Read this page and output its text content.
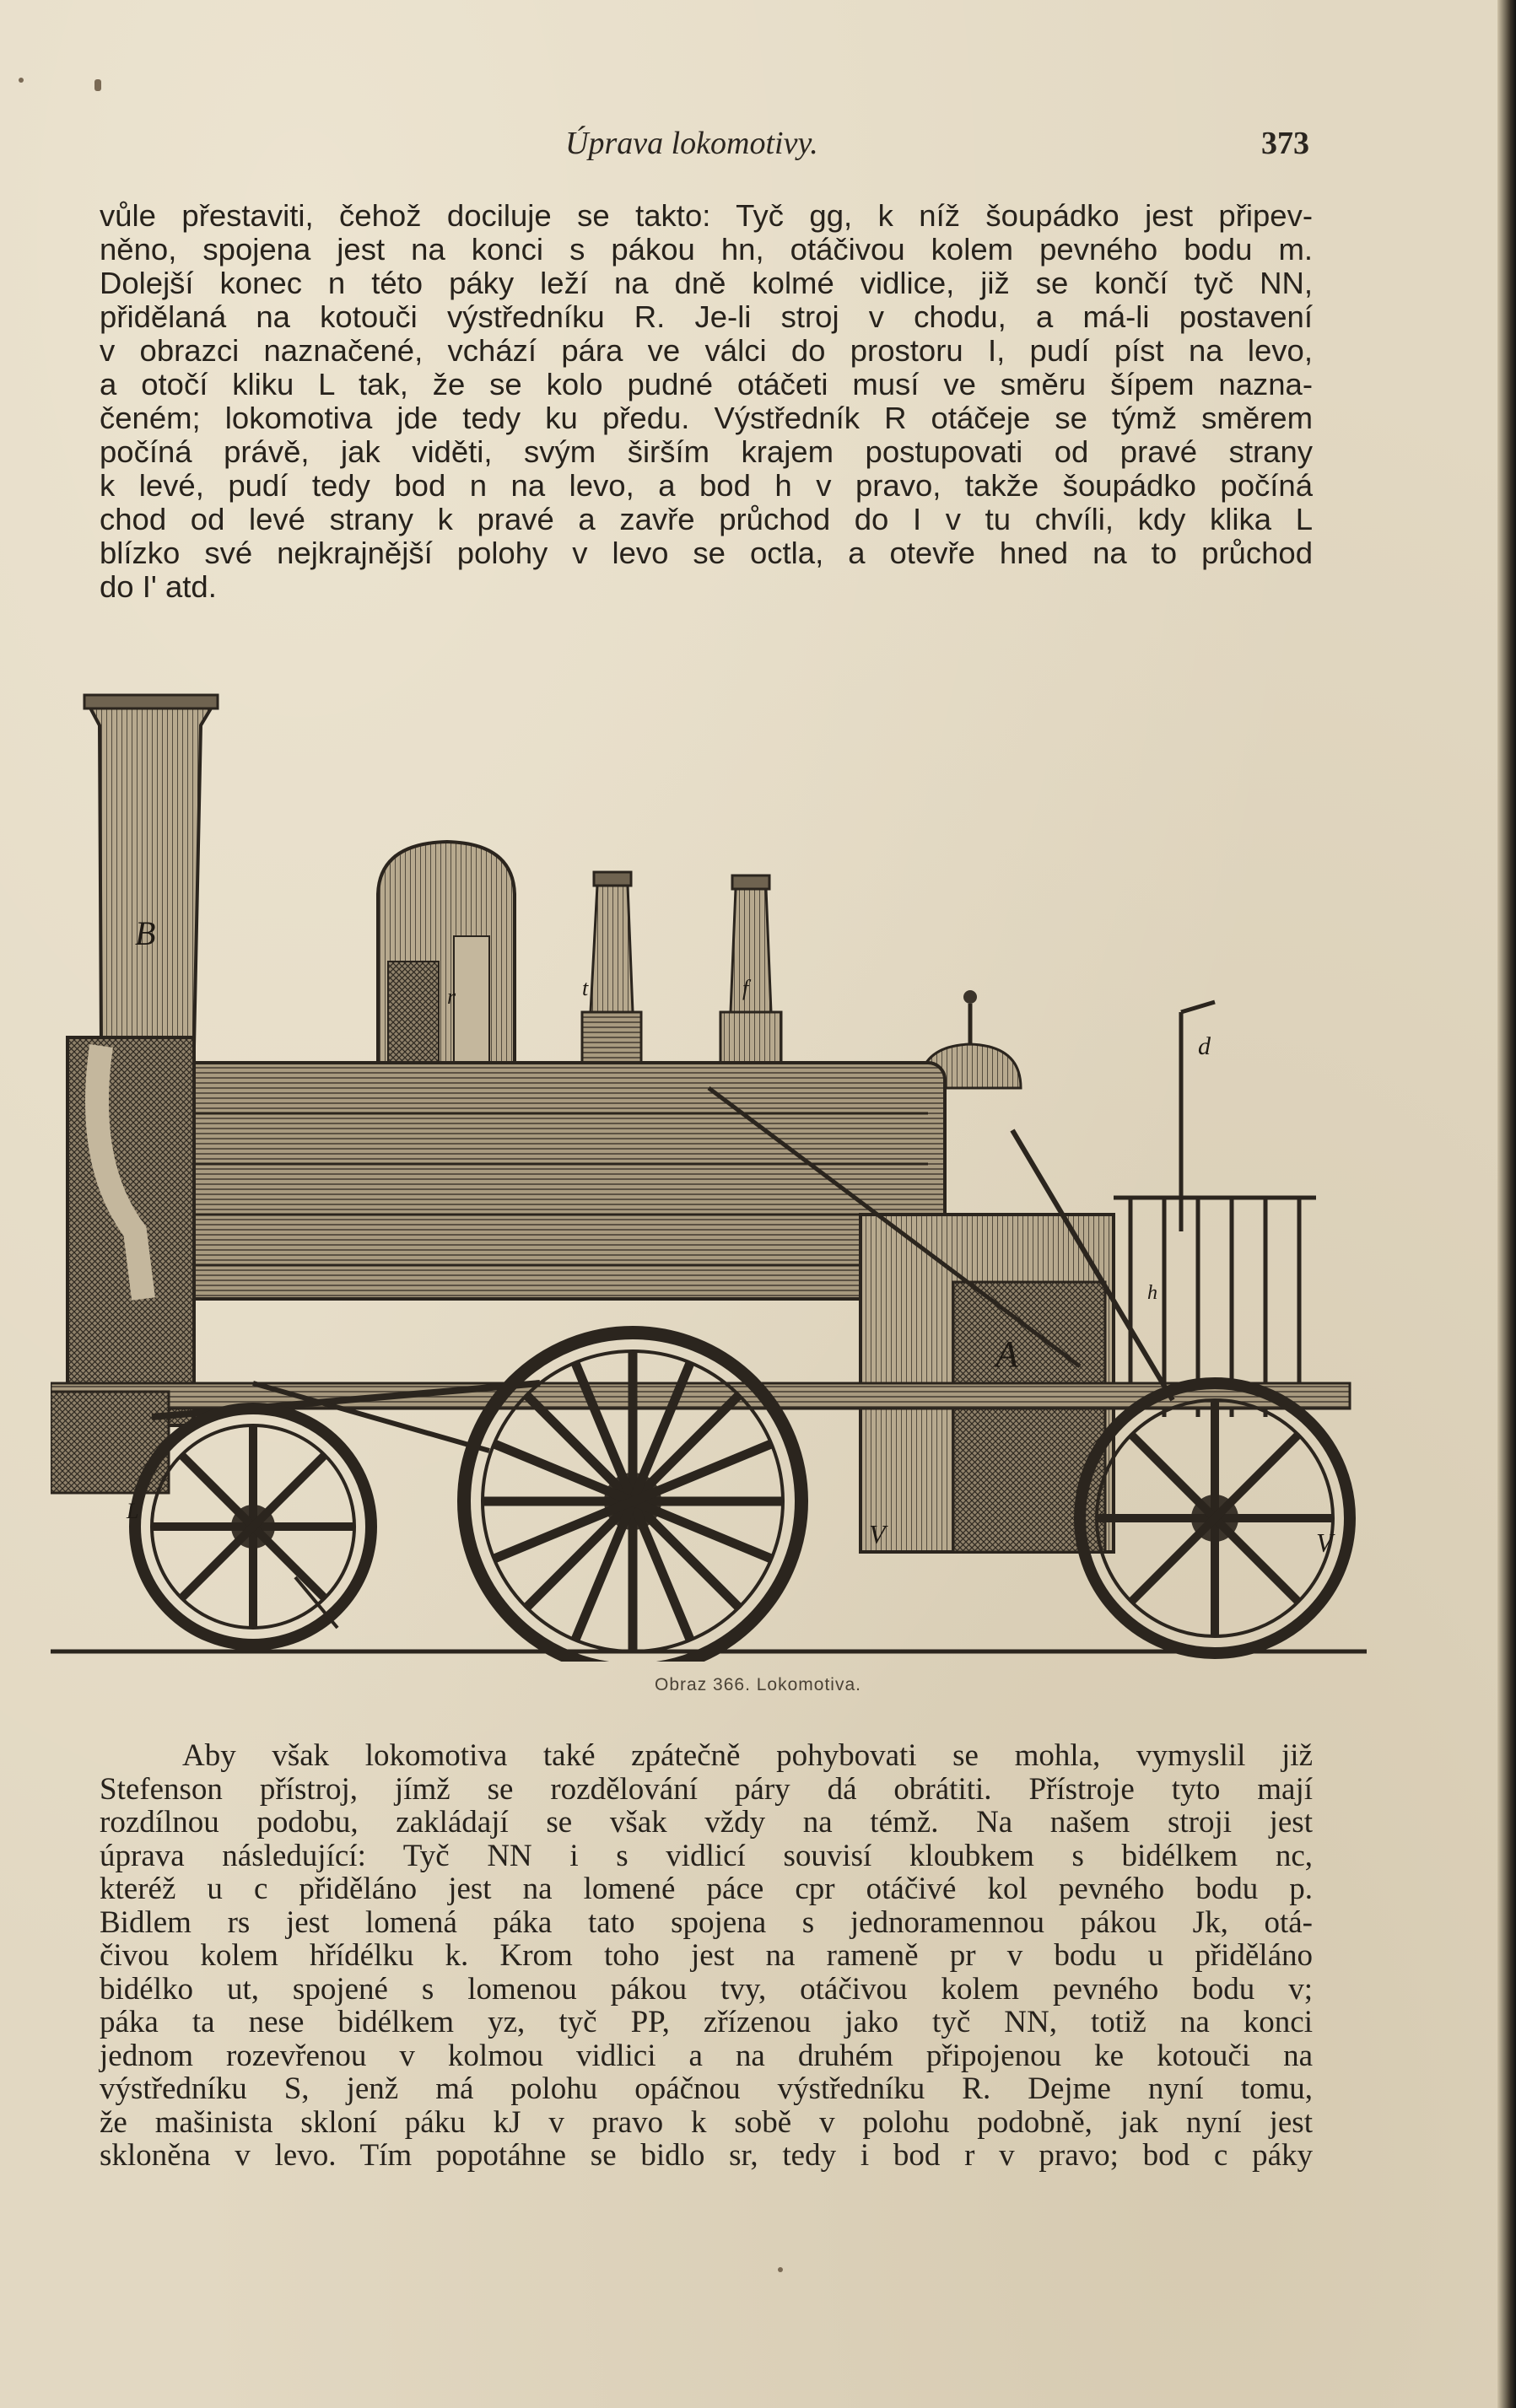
Úprava lokomotivy.	373
vůle přestaviti, čehož dociluje se takto: Tyč gg, k níž šoupádko jest připev-
něno, spojena jest na konci s pákou hn, otáčivou kolem pevného bodu m.
Dolejší konec n této páky leží na dně kolmé vidlice, již se končí tyč NN,
přidělaná na kotouči výstředníku R. Je-li stroj v chodu, a má-li postavení
v obrazci naznačené, vchází pára ve válci do prostoru I, pudí píst na levo,
a otočí kliku L tak, že se kolo pudné otáčeti musí ve směru šípem nazna-
čeném; lokomotiva jde tedy ku předu. Výstředník R otáčeje se týmž směrem
počíná právě, jak viděti, svým širším krajem postupovati od pravé strany
k levé, pudí tedy bod n na levo, a bod h v pravo, takže šoupádko počíná
chod od levé strany k pravé a zavře průchod do I v tu chvíli, kdy klika L
blízko své nejkrajnější polohy v levo se octla, a otevře hned na to průchod
do I' atd.
B
A
V	V
d
t	f
r
h
L
Obraz 366. Lokomotiva.
Aby však lokomotiva také zpátečně pohybovati se mohla, vymyslil již
Stefenson přístroj, jímž se rozdělování páry dá obrátiti. Přístroje tyto mají
rozdílnou podobu, zakládají se však vždy na témž. Na našem stroji jest
úprava následující: Tyč NN i s vidlicí souvisí kloubkem s bidélkem nc,
kteréž u c přiděláno jest na lomené páce cpr otáčivé kol pevného bodu p.
Bidlem rs jest lomená páka tato spojena s jednoramennou pákou Jk, otá-
čivou kolem hřídélku k. Krom toho jest na rameně pr v bodu u přiděláno
bidélko ut, spojené s lomenou pákou tvy, otáčivou kolem pevného bodu v;
páka ta nese bidélkem yz, tyč PP, zřízenou jako tyč NN, totiž na konci
jednom rozevřenou v kolmou vidlici a na druhém připojenou ke kotouči na
výstředníku S, jenž má polohu opáčnou výstředníku R. Dejme nyní tomu,
že mašinista skloní páku kJ v pravo k sobě v polohu podobně, jak nyní jest
skloněna v levo. Tím popotáhne se bidlo sr, tedy i bod r v pravo; bod c páky
